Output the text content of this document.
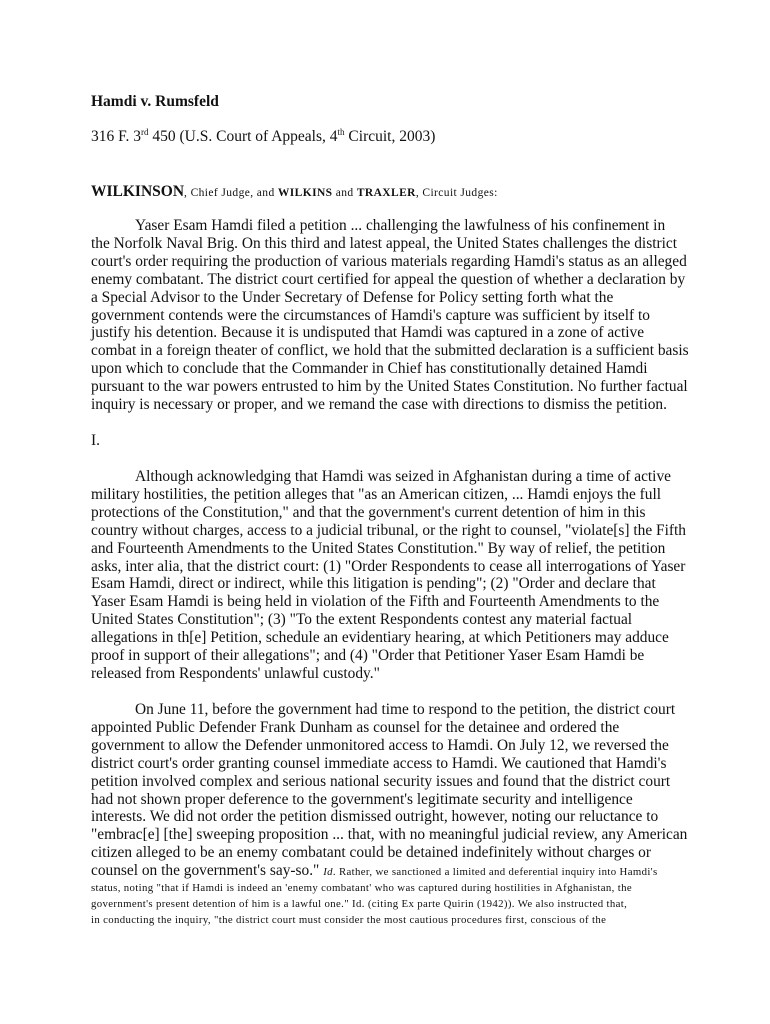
Hamdi v. Rumsfeld
316 F. 3rd 450 (U.S. Court of Appeals, 4th Circuit, 2003)
WILKINSON, Chief Judge, and WILKINS and TRAXLER, Circuit Judges:
Yaser Esam Hamdi filed a petition ... challenging the lawfulness of his confinement in
the Norfolk Naval Brig. On this third and latest appeal, the United States challenges the district
court's order requiring the production of various materials regarding Hamdi's status as an alleged
enemy combatant. The district court certified for appeal the question of whether a declaration by
a Special Advisor to the Under Secretary of Defense for Policy setting forth what the
government contends were the circumstances of Hamdi's capture was sufficient by itself to
justify his detention. Because it is undisputed that Hamdi was captured in a zone of active
combat in a foreign theater of conflict, we hold that the submitted declaration is a sufficient basis
upon which to conclude that the Commander in Chief has constitutionally detained Hamdi
pursuant to the war powers entrusted to him by the United States Constitution. No further factual
inquiry is necessary or proper, and we remand the case with directions to dismiss the petition.
I.
Although acknowledging that Hamdi was seized in Afghanistan during a time of active
military hostilities, the petition alleges that "as an American citizen, ... Hamdi enjoys the full
protections of the Constitution," and that the government's current detention of him in this
country without charges, access to a judicial tribunal, or the right to counsel, "violate[s] the Fifth
and Fourteenth Amendments to the United States Constitution." By way of relief, the petition
asks, inter alia, that the district court: (1) "Order Respondents to cease all interrogations of Yaser
Esam Hamdi, direct or indirect, while this litigation is pending"; (2) "Order and declare that
Yaser Esam Hamdi is being held in violation of the Fifth and Fourteenth Amendments to the
United States Constitution"; (3) "To the extent Respondents contest any material factual
allegations in th[e] Petition, schedule an evidentiary hearing, at which Petitioners may adduce
proof in support of their allegations"; and (4) "Order that Petitioner Yaser Esam Hamdi be
released from Respondents' unlawful custody."
On June 11, before the government had time to respond to the petition, the district court
appointed Public Defender Frank Dunham as counsel for the detainee and ordered the
government to allow the Defender unmonitored access to Hamdi. On July 12, we reversed the
district court's order granting counsel immediate access to Hamdi. We cautioned that Hamdi's
petition involved complex and serious national security issues and found that the district court
had not shown proper deference to the government's legitimate security and intelligence
interests. We did not order the petition dismissed outright, however, noting our reluctance to
"embrac[e] [the] sweeping proposition ... that, with no meaningful judicial review, any American
citizen alleged to be an enemy combatant could be detained indefinitely without charges or
counsel on the government's say-so." Id. Rather, we sanctioned a limited and deferential inquiry into Hamdi's
status, noting "that if Hamdi is indeed an 'enemy combatant' who was captured during hostilities in Afghanistan, the
government's present detention of him is a lawful one." Id. (citing Ex parte Quirin (1942)). We also instructed that,
in conducting the inquiry, "the district court must consider the most cautious procedures first, conscious of the
